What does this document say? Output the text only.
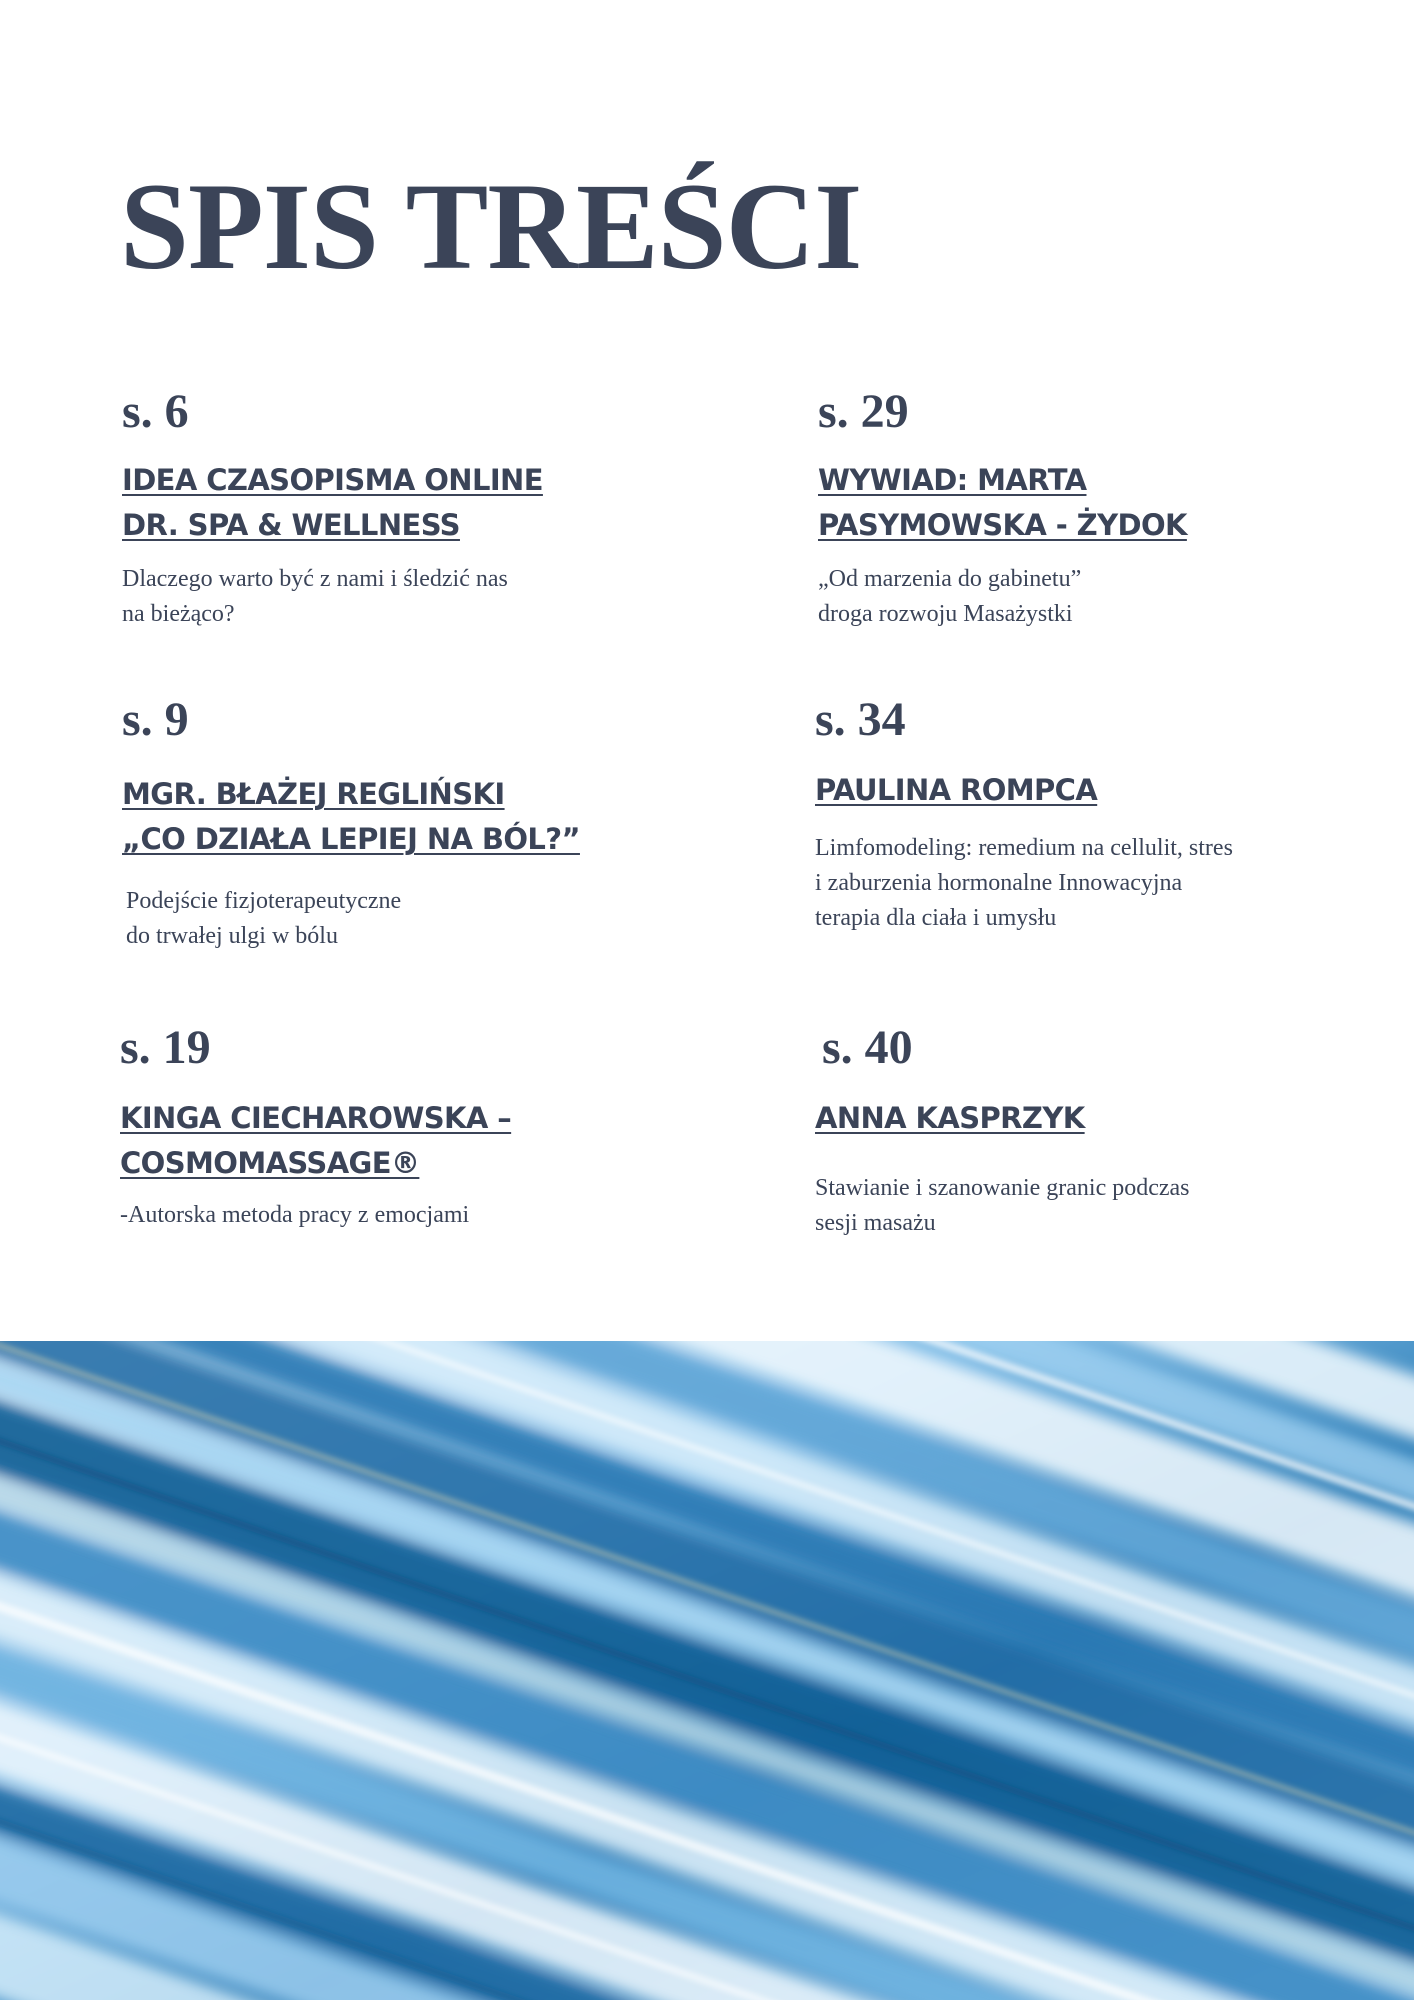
SPIS TREŚCI
s. 6
IDEA CZASOPISMA ONLINE
DR. SPA & WELLNESS
Dlaczego warto być z nami i śledzić nas
na bieżąco?
s. 29
WYWIAD: MARTA
PASYMOWSKA - ŻYDOK
„Od marzenia do gabinetu”
droga rozwoju Masażystki
s. 9
MGR. BŁAŻEJ REGLIŃSKI
„CO DZIAŁA LEPIEJ NA BÓL?”
Podejście fizjoterapeutyczne
do trwałej ulgi w bólu
s. 34
PAULINA ROMPCA
Limfomodeling: remedium na cellulit, stres
i zaburzenia hormonalne Innowacyjna
terapia dla ciała i umysłu
s. 19
KINGA CIECHAROWSKA –
COSMOMASSAGE®
-Autorska metoda pracy z emocjami
s. 40
ANNA KASPRZYK
Stawianie i szanowanie granic podczas
sesji masażu
